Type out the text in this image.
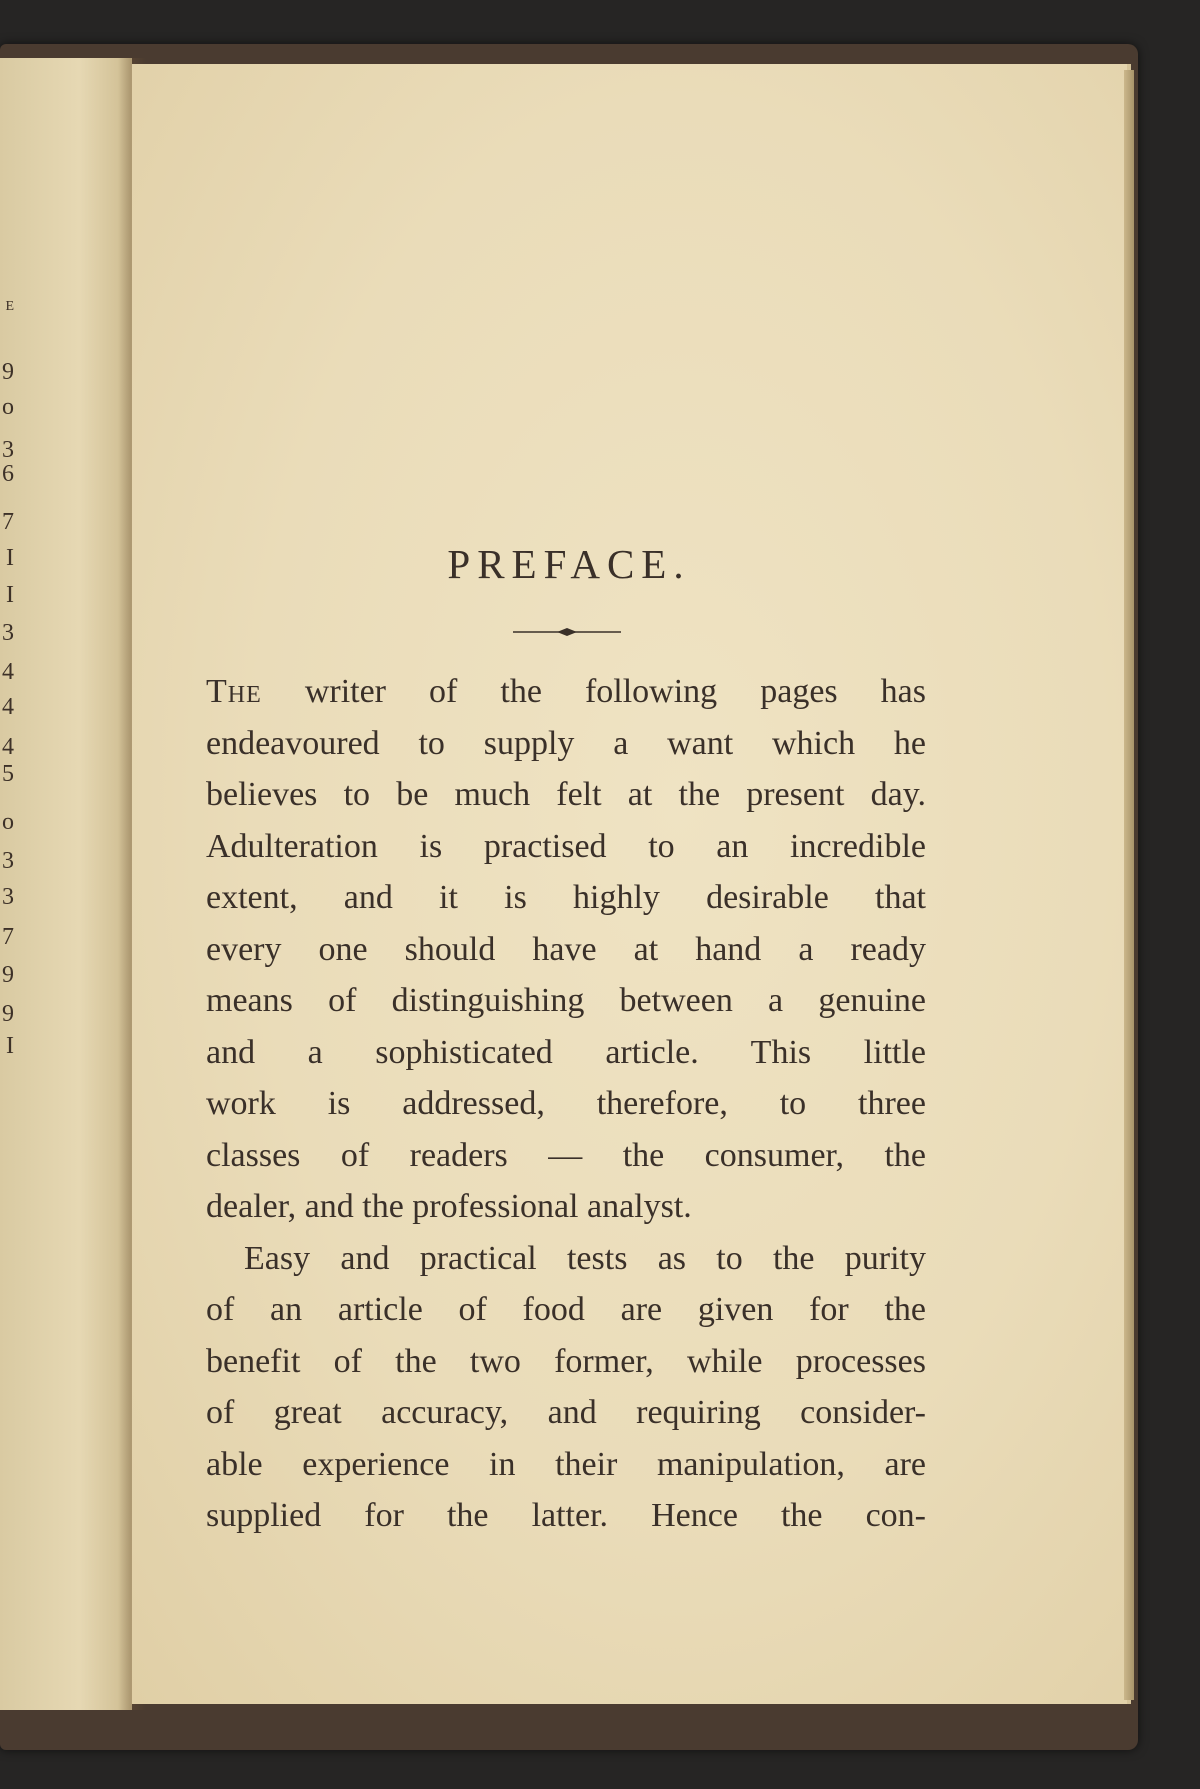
E
9
o
3
6
7
I
I
3
4
4
4
5
o
3
3
7
9
9
I
PREFACE.

The writer of the following pages has
endeavoured to supply a want which he
believes to be much felt at the present day.
Adulteration is practised to an incredible
extent, and it is highly desirable that
every one should have at hand a ready
means of distinguishing between a genuine
and a sophisticated article. This little
work is addressed, therefore, to three
classes of readers — the consumer, the
dealer, and the professional analyst.

Easy and practical tests as to the purity
of an article of food are given for the
benefit of the two former, while processes
of great accuracy, and requiring consider-
able experience in their manipulation, are
supplied for the latter. Hence the con-
